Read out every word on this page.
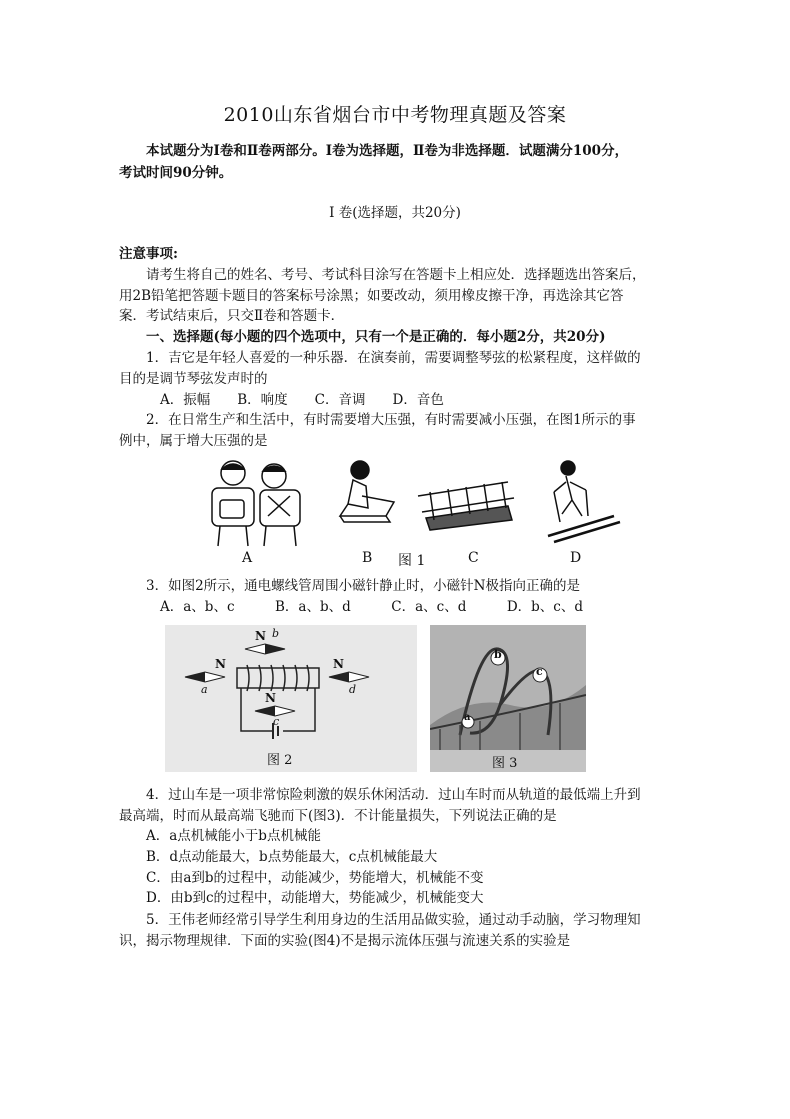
2010山东省烟台市中考物理真题及答案
本试题分为Ⅰ卷和Ⅱ卷两部分。Ⅰ卷为选择题，Ⅱ卷为非选择题．试题满分100分，
考试时间90分钟。
Ⅰ 卷(选择题，共20分)
注意事项:
请考生将自己的姓名、考号、考试科目涂写在答题卡上相应处．选择题选出答案后，
用2B铅笔把答题卡题目的答案标号涂黑；如要改动，须用橡皮擦干净，再选涂其它答
案．考试结束后，只交Ⅱ卷和答题卡．
一、选择题(每小题的四个选项中，只有一个是正确的．每小题2分，共20分)
1．吉它是年轻人喜爱的一种乐器．在演奏前，需要调整琴弦的松紧程度，这样做的
目的是调节琴弦发声时的
A．振幅　　B．响度　　C．音调　　D．音色
2．在日常生产和生活中，有时需要增大压强，有时需要减小压强，在图1所示的事
例中，属于增大压强的是
A	B 图 1	C	D
3．如图2所示，通电螺线管周围小磁针静止时，小磁针N极指向正确的是
A．a、b、c　　　B．a、b、d　　　C．a、c、d　　　D．b、c、d
N
a
N b
N
c
N
d
图 2
a
b
c
图 3
4．过山车是一项非常惊险刺激的娱乐休闲活动．过山车时而从轨道的最低端上升到
最高端，时而从最高端飞驰而下(图3)．不计能量损失，下列说法正确的是
A．a点机械能小于b点机械能
B．d点动能最大，b点势能最大，c点机械能最大
C．由a到b的过程中，动能减少，势能增大，机械能不变
D．由b到c的过程中，动能增大，势能减少，机械能变大
5．王伟老师经常引导学生利用身边的生活用品做实验，通过动手动脑，学习物理知
识，揭示物理规律．下面的实验(图4)不是揭示流体压强与流速关系的实验是
